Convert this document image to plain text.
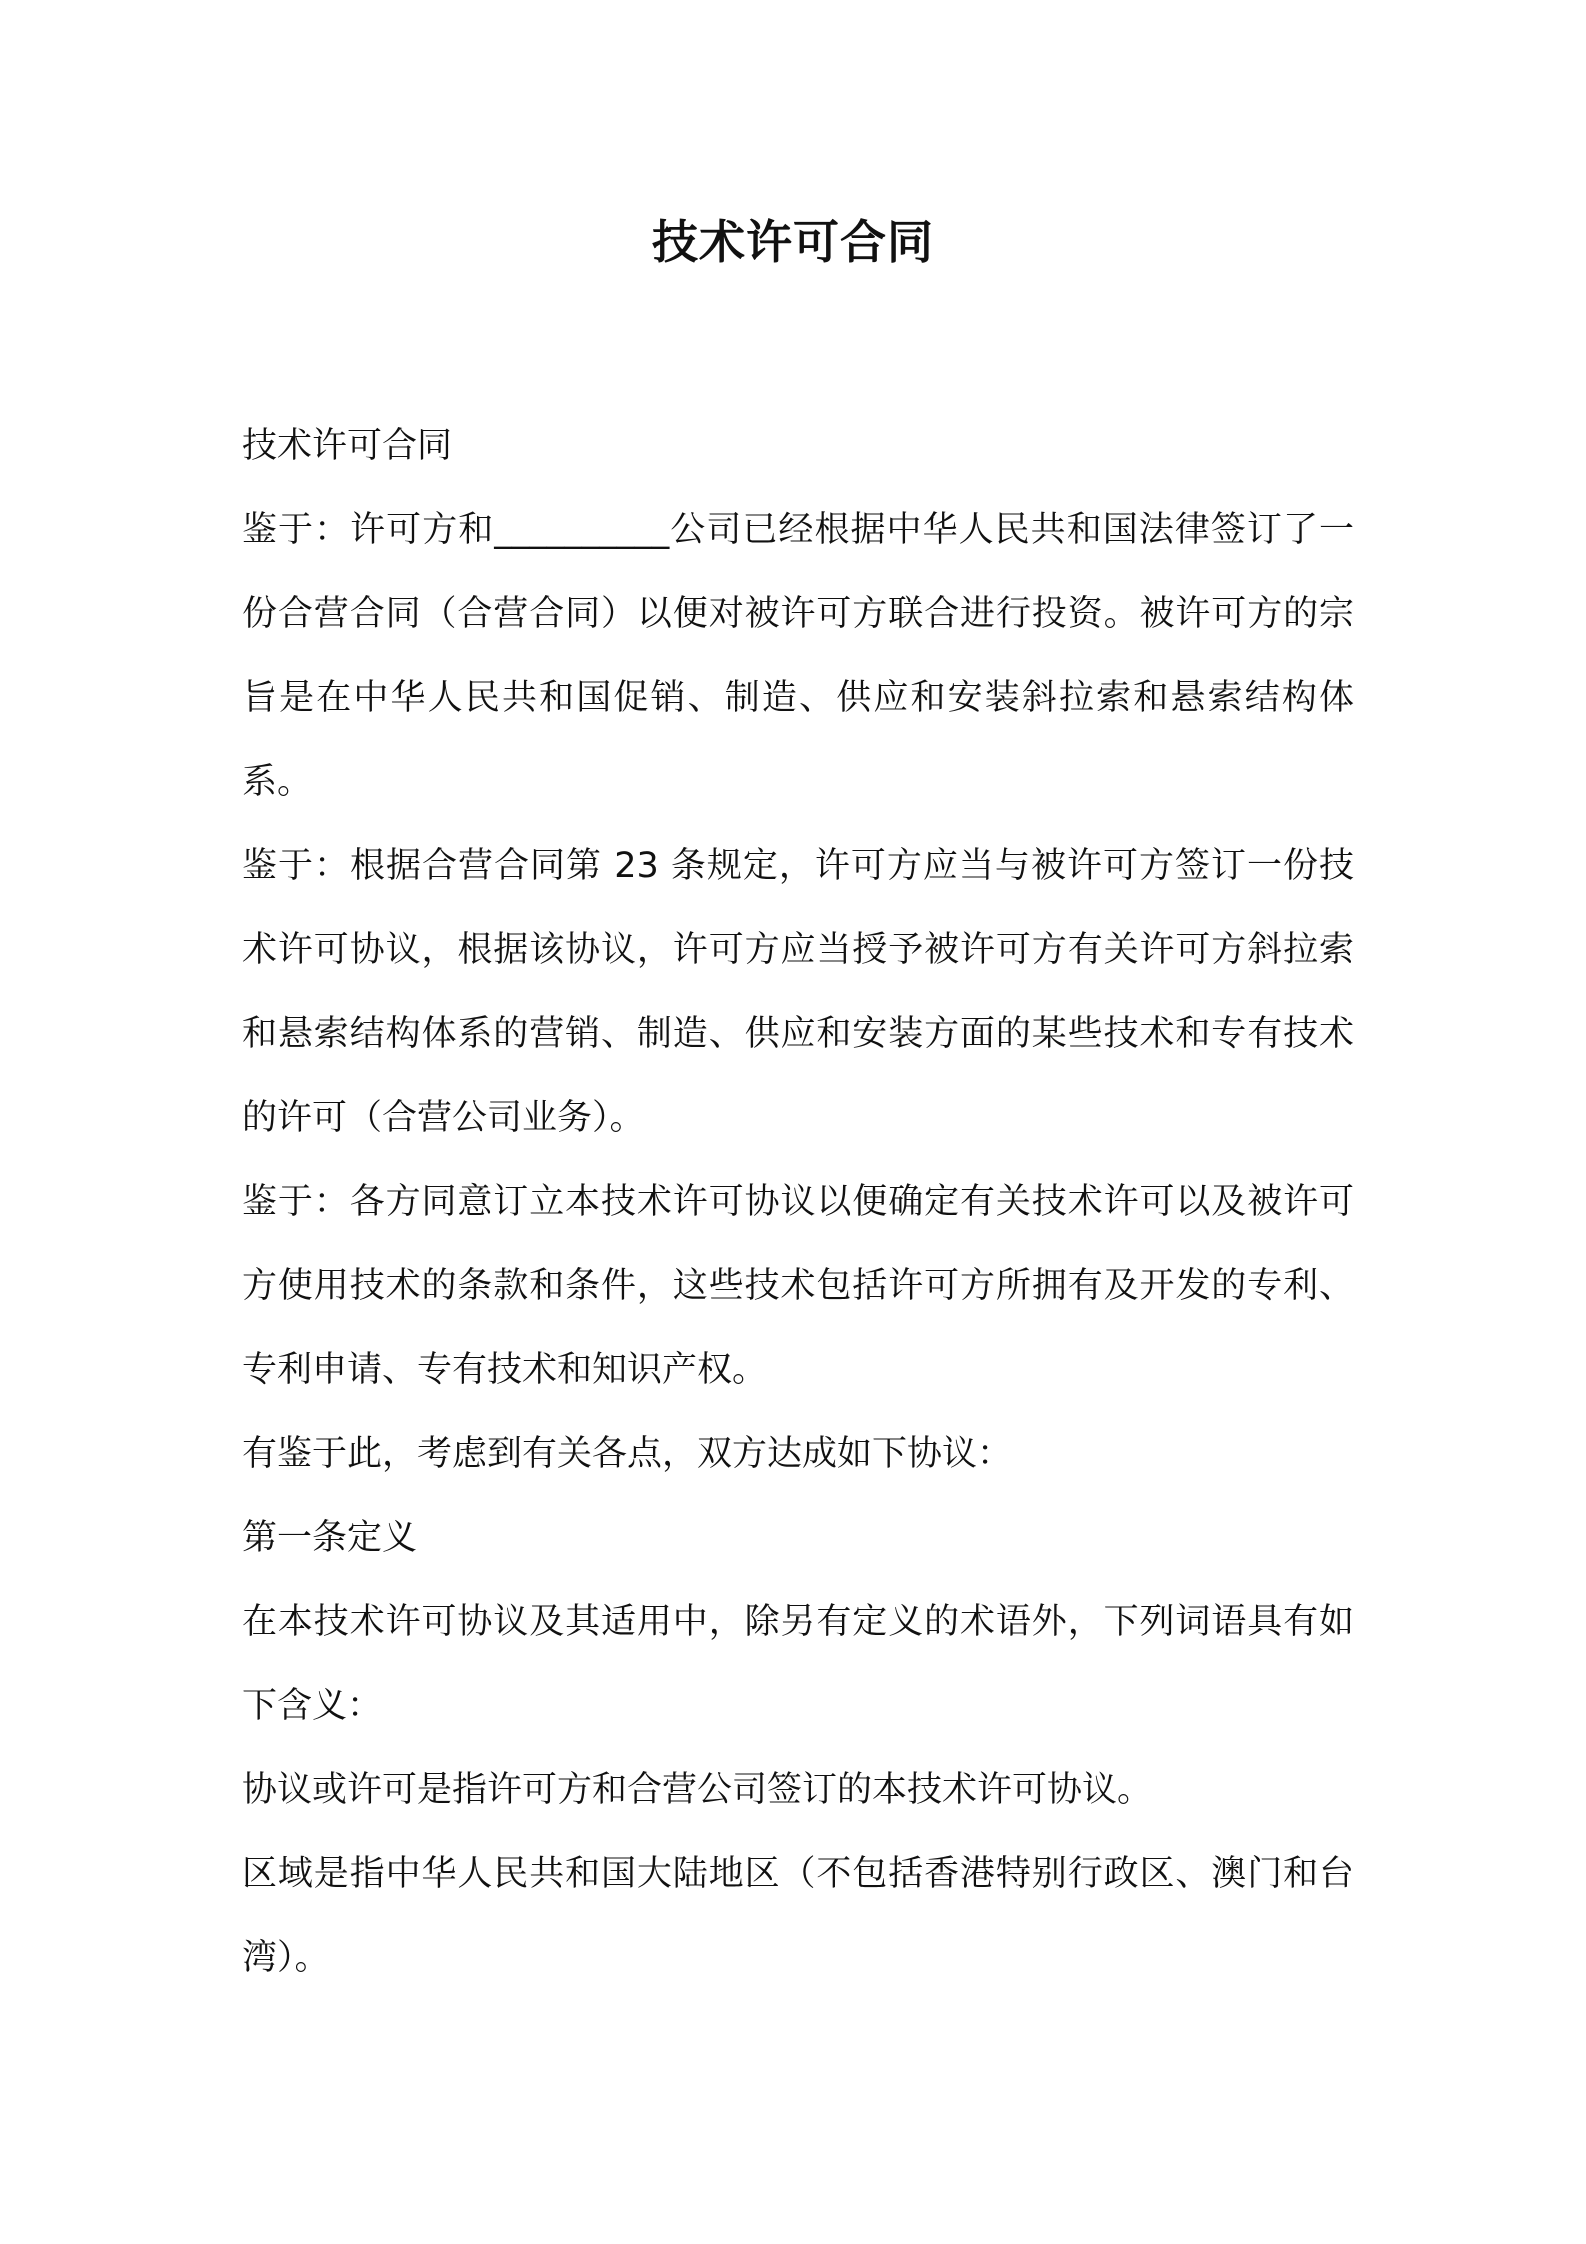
技术许可合同

技术许可合同

鉴于：许可方和__________公司已经根据中华人民共和国法律签订了一份合营合同（合营合同）以便对被许可方联合进行投资。被许可方的宗旨是在中华人民共和国促销、制造、供应和安装斜拉索和悬索结构体系。

鉴于：根据合营合同第 23 条规定，许可方应当与被许可方签订一份技术许可协议，根据该协议，许可方应当授予被许可方有关许可方斜拉索和悬索结构体系的营销、制造、供应和安装方面的某些技术和专有技术的许可（合营公司业务）。

鉴于：各方同意订立本技术许可协议以便确定有关技术许可以及被许可方使用技术的条款和条件，这些技术包括许可方所拥有及开发的专利、专利申请、专有技术和知识产权。

有鉴于此，考虑到有关各点，双方达成如下协议：

第一条定义

在本技术许可协议及其适用中，除另有定义的术语外，下列词语具有如下含义：

协议或许可是指许可方和合营公司签订的本技术许可协议。

区域是指中华人民共和国大陆地区（不包括香港特别行政区、澳门和台湾）。
